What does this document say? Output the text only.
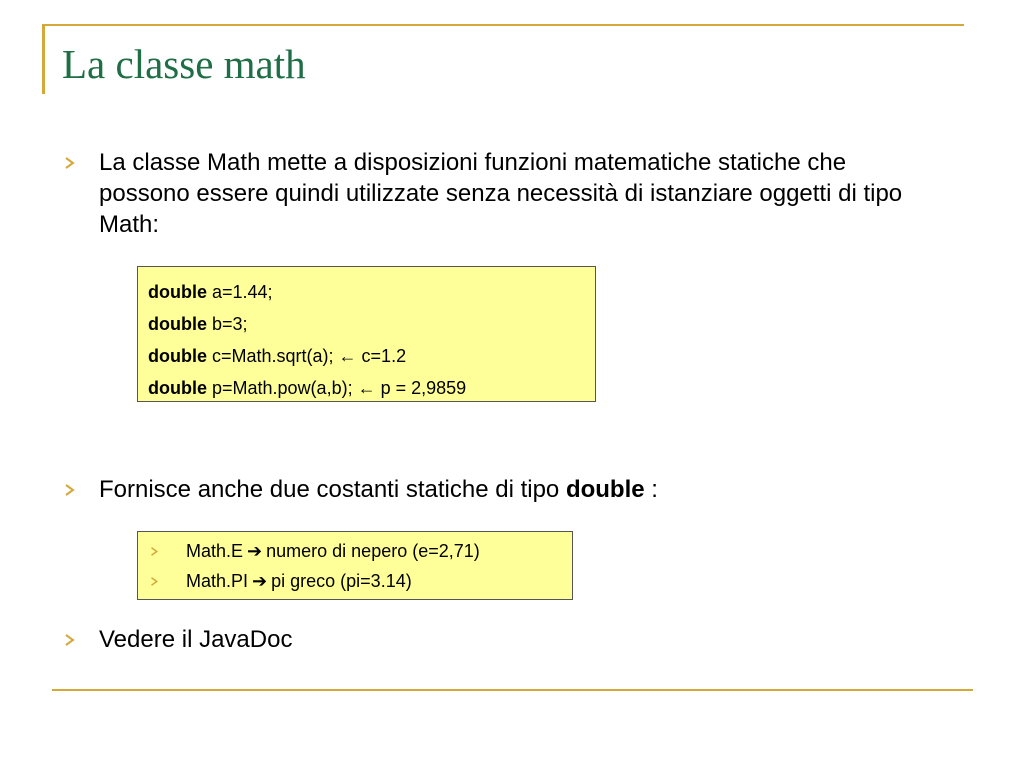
La classe math
La classe Math mette a disposizioni funzioni matematiche statiche che possono essere quindi utilizzate senza necessità di istanziare oggetti di tipo Math:
double a=1.44;
double b=3;
double c=Math.sqrt(a); ← c=1.2
double p=Math.pow(a,b); ← p = 2,9859
Fornisce anche due costanti statiche di tipo double :
Math.E ➔ numero di nepero (e=2,71)
Math.PI ➔ pi greco (pi=3.14)
Vedere il JavaDoc
